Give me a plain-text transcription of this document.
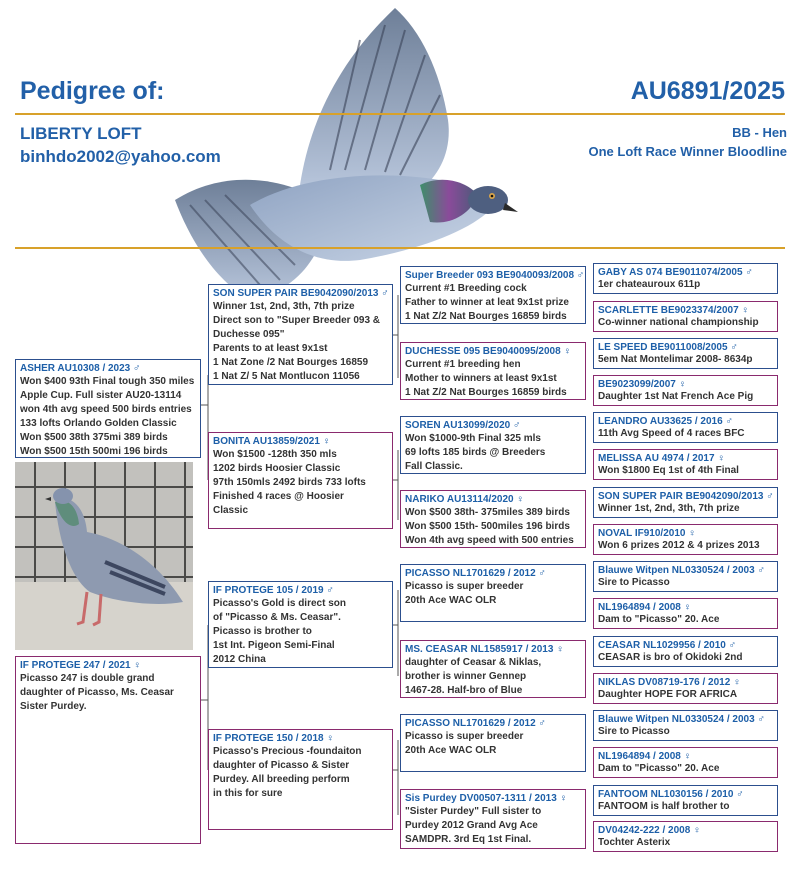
Pedigree of:	AU6891/2025
LIBERTY LOFT
binhdo2002@yahoo.com
BB - Hen
One Loft Race Winner Bloodline
ASHER AU10308 / 2023 ♂
Won $400 93th Final tough 350 miles
Apple Cup. Full sister AU20-13114
won 4th avg speed 500 birds entries
133 lofts Orlando Golden Classic
Won $500 38th 375mi 389 birds
Won $500 15th 500mi 196 birds
IF PROTEGE 247 / 2021 ♀
Picasso 247 is double grand
daughter of Picasso, Ms. Ceasar
Sister Purdey.
SON SUPER PAIR BE9042090/2013 ♂
Winner 1st, 2nd, 3th, 7th prize
Direct son to "Super Breeder 093 &
Duchesse 095"
Parents to at least 9x1st
1 Nat Zone /2 Nat Bourges 16859
1 Nat Z/ 5 Nat Montlucon 11056
BONITA AU13859/2021 ♀
Won $1500 -128th 350 mls
1202 birds Hoosier Classic
97th 150mls 2492 birds 733 lofts
Finished 4 races @ Hoosier
Classic
IF PROTEGE 105 / 2019 ♂
Picasso's Gold is direct son
of "Picasso & Ms. Ceasar".
Picasso is brother to
1st Int. Pigeon Semi-Final
2012 China
IF PROTEGE 150 / 2018 ♀
Picasso's Precious -foundaiton
daughter of Picasso & Sister
Purdey. All breeding perform
in this for sure
Super Breeder 093 BE9040093/2008 ♂
Current #1 Breeding cock
Father to winner at leat 9x1st prize
1 Nat Z/2 Nat Bourges 16859 birds
DUCHESSE 095 BE9040095/2008 ♀
Current #1 breeding hen
Mother to winners at least 9x1st
1 Nat Z/2 Nat Bourges 16859 birds
SOREN AU13099/2020 ♂
Won $1000-9th Final 325 mls
69 lofts 185 birds @ Breeders
Fall Classic.
NARIKO AU13114/2020 ♀
Won $500 38th- 375miles 389 birds
Won $500 15th- 500miles 196 birds
Won 4th avg speed with 500 entries
PICASSO NL1701629 / 2012 ♂
Picasso is super breeder
20th Ace WAC OLR
MS. CEASAR NL1585917 / 2013 ♀
daughter of Ceasar & Niklas,
brother is winner Gennep
1467-28. Half-bro of Blue
PICASSO NL1701629 / 2012 ♂
Picasso is super breeder
20th Ace WAC OLR
Sis Purdey DV00507-1311 / 2013 ♀
"Sister Purdey" Full sister to
Purdey 2012 Grand Avg Ace
SAMDPR. 3rd Eq 1st Final.
GABY AS 074 BE9011074/2005 ♂
1er chateauroux 611p
SCARLETTE BE9023374/2007 ♀
Co-winner national championship
LE SPEED BE9011008/2005 ♂
5em Nat Montelimar 2008- 8634p
BE9023099/2007 ♀
Daughter 1st Nat French Ace Pig
LEANDRO AU33625 / 2016 ♂
11th Avg Speed of 4 races BFC
MELISSA AU 4974 / 2017 ♀
Won $1800 Eq 1st of 4th Final
SON SUPER PAIR BE9042090/2013 ♂
Winner 1st, 2nd, 3th, 7th prize
NOVAL IF910/2010 ♀
Won 6 prizes 2012 & 4 prizes 2013
Blauwe Witpen NL0330524 / 2003 ♂
Sire to Picasso
NL1964894 / 2008 ♀
Dam to "Picasso" 20. Ace
CEASAR NL1029956 / 2010 ♂
CEASAR is bro of Okidoki 2nd
NIKLAS DV08719-176 / 2012 ♀
Daughter HOPE FOR AFRICA
Blauwe Witpen NL0330524 / 2003 ♂
Sire to Picasso
NL1964894 / 2008 ♀
Dam to "Picasso" 20. Ace
FANTOOM NL1030156 / 2010 ♂
FANTOOM is half brother to
DV04242-222 / 2008 ♀
Tochter Asterix
